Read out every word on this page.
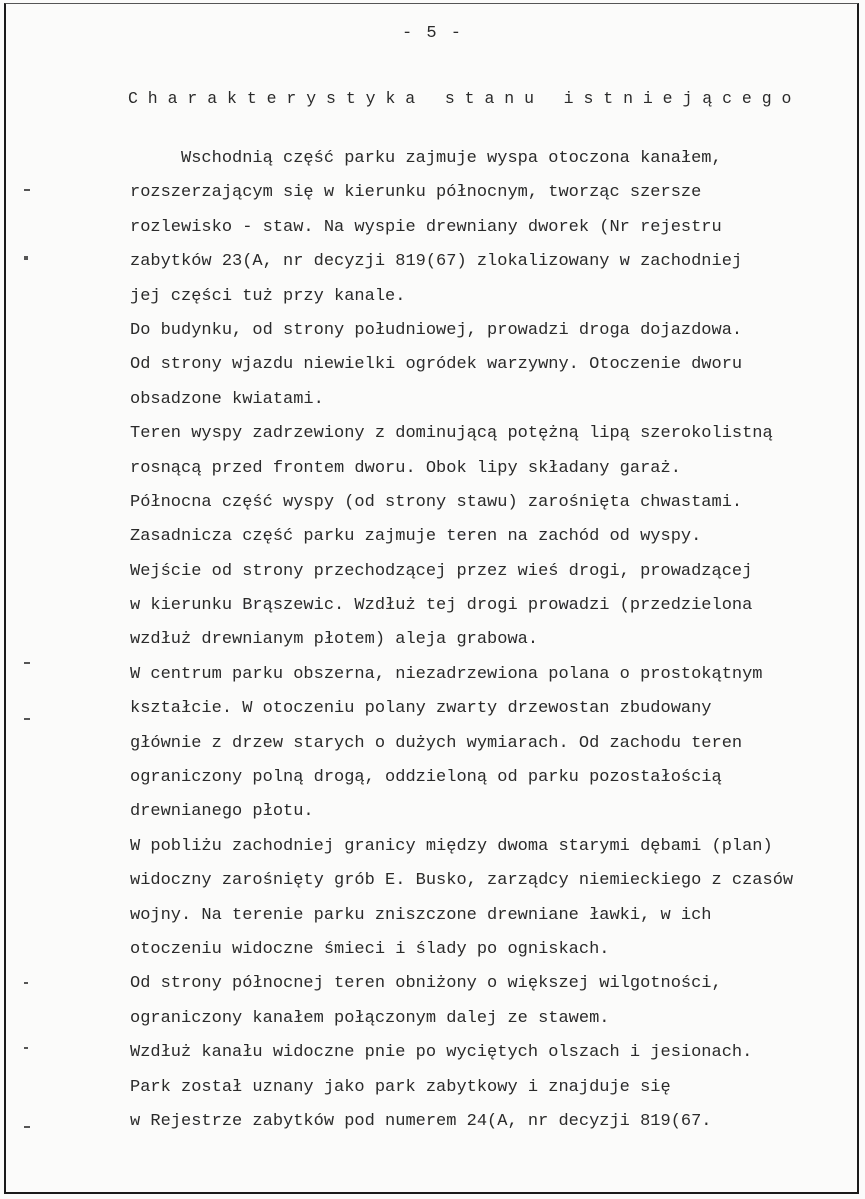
- 5 -
C h a r a k t e r y s t y k a   s t a n u   i s t n i e j ą c e g o
Wschodnią część parku zajmuje wyspa otoczona kanałem,
rozszerzającym się w kierunku północnym, tworząc szersze
rozlewisko - staw. Na wyspie drewniany dworek (Nr rejestru
zabytków 23(A, nr decyzji 819(67) zlokalizowany w zachodniej
jej części tuż przy kanale.
Do budynku, od strony południowej, prowadzi droga dojazdowa.
Od strony wjazdu niewielki ogródek warzywny. Otoczenie dworu
obsadzone kwiatami.
Teren wyspy zadrzewiony z dominującą potężną lipą szerokolistną
rosnącą przed frontem dworu. Obok lipy składany garaż.
Północna część wyspy (od strony stawu) zarośnięta chwastami.
Zasadnicza część parku zajmuje teren na zachód od wyspy.
Wejście od strony przechodzącej przez wieś drogi, prowadzącej
w kierunku Brąszewic. Wzdłuż tej drogi prowadzi (przedzielona
wzdłuż drewnianym płotem) aleja grabowa.
W centrum parku obszerna, niezadrzewiona polana o prostokątnym
kształcie. W otoczeniu polany zwarty drzewostan zbudowany
głównie z drzew starych o dużych wymiarach. Od zachodu teren
ograniczony polną drogą, oddzieloną od parku pozostałością
drewnianego płotu.
W pobliżu zachodniej granicy między dwoma starymi dębami (plan)
widoczny zarośnięty grób E. Busko, zarządcy niemieckiego z czasów
wojny. Na terenie parku zniszczone drewniane ławki, w ich
otoczeniu widoczne śmieci i ślady po ogniskach.
Od strony północnej teren obniżony o większej wilgotności,
ograniczony kanałem połączonym dalej ze stawem.
Wzdłuż kanału widoczne pnie po wyciętych olszach i jesionach.
Park został uznany jako park zabytkowy i znajduje się
w Rejestrze zabytków pod numerem 24(A, nr decyzji 819(67.
